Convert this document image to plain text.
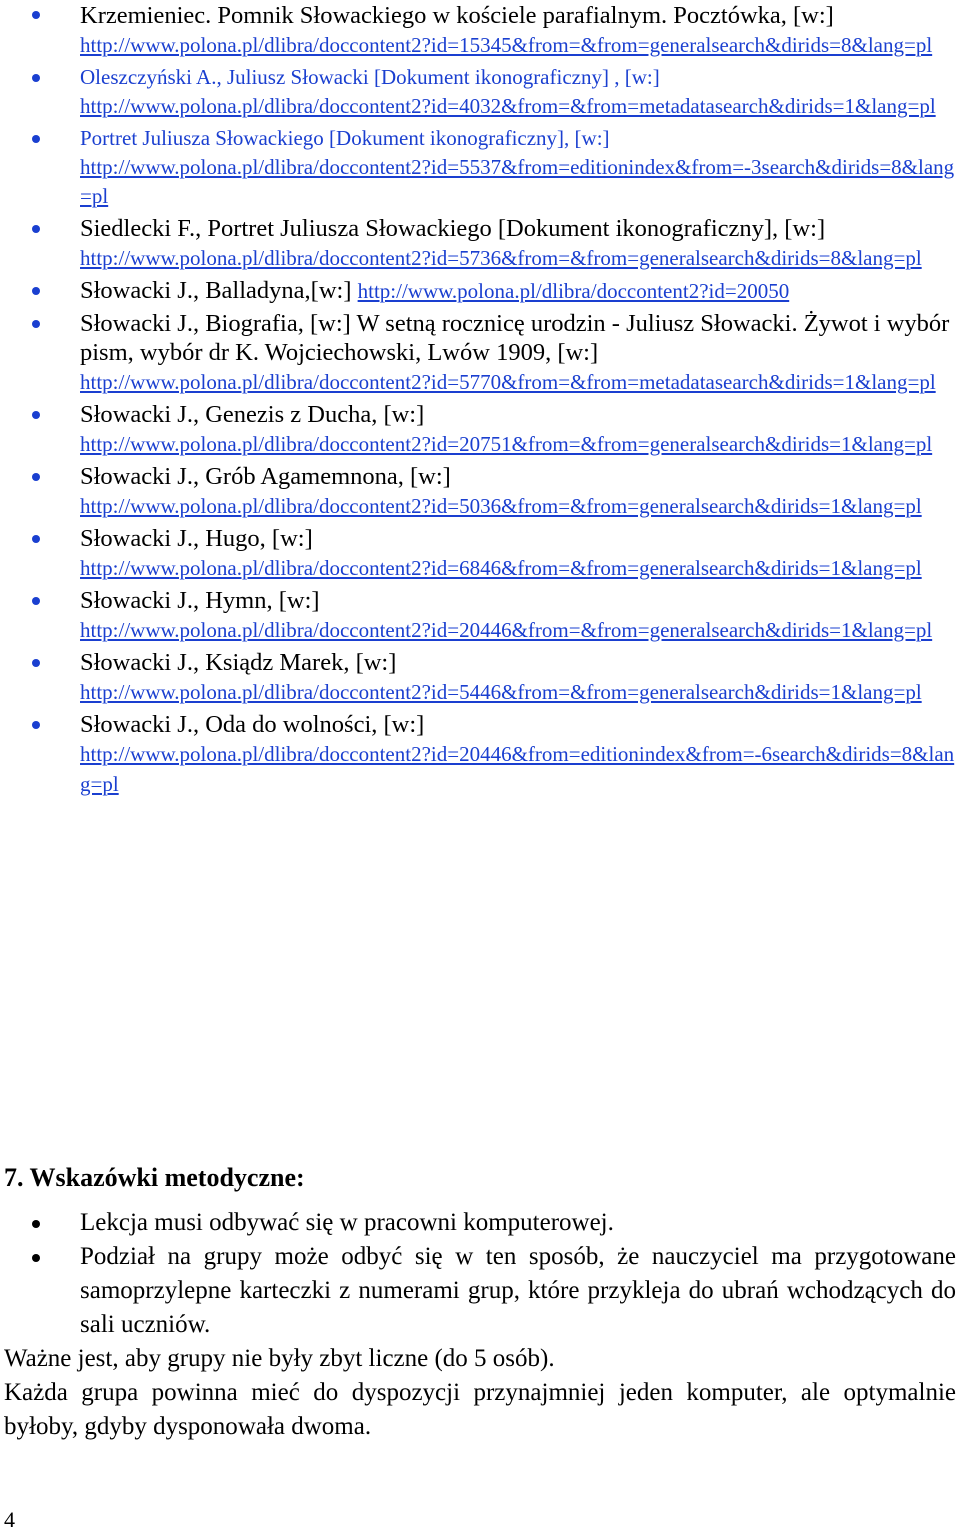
Krzemieniec. Pomnik Słowackiego w kościele parafialnym. Pocztówka, [w:]
http://www.polona.pl/dlibra/doccontent2?id=15345&from=&from=generalsearch&dirids=8&lang=pl
Oleszczyński A., Juliusz Słowacki [Dokument ikonograficzny] , [w:]
http://www.polona.pl/dlibra/doccontent2?id=4032&from=&from=metadatasearch&dirids=1&lang=pl
Portret Juliusza Słowackiego [Dokument ikonograficzny], [w:]
http://www.polona.pl/dlibra/doccontent2?id=5537&from=editionindex&from=-3search&dirids=8&lang=pl
Siedlecki F., Portret Juliusza Słowackiego [Dokument ikonograficzny], [w:]
http://www.polona.pl/dlibra/doccontent2?id=5736&from=&from=generalsearch&dirids=8&lang=pl
Słowacki J., Balladyna,[w:] http://www.polona.pl/dlibra/doccontent2?id=20050
Słowacki J., Biografia, [w:] W setną rocznicę urodzin - Juliusz Słowacki. Żywot i wybór pism, wybór dr K. Wojciechowski, Lwów 1909, [w:]
http://www.polona.pl/dlibra/doccontent2?id=5770&from=&from=metadatasearch&dirids=1&lang=pl
Słowacki J., Genezis z Ducha, [w:]
http://www.polona.pl/dlibra/doccontent2?id=20751&from=&from=generalsearch&dirids=1&lang=pl
Słowacki J., Grób Agamemnona, [w:]
http://www.polona.pl/dlibra/doccontent2?id=5036&from=&from=generalsearch&dirids=1&lang=pl
Słowacki J., Hugo, [w:]
http://www.polona.pl/dlibra/doccontent2?id=6846&from=&from=generalsearch&dirids=1&lang=pl
Słowacki J., Hymn, [w:]
http://www.polona.pl/dlibra/doccontent2?id=20446&from=&from=generalsearch&dirids=1&lang=pl
Słowacki J., Ksiądz Marek, [w:]
http://www.polona.pl/dlibra/doccontent2?id=5446&from=&from=generalsearch&dirids=1&lang=pl
Słowacki J., Oda do wolności, [w:]
http://www.polona.pl/dlibra/doccontent2?id=20446&from=editionindex&from=-6search&dirids=8&lang=pl
7. Wskazówki metodyczne:
Lekcja musi odbywać się w pracowni komputerowej.
Podział na grupy może odbyć się w ten sposób, że nauczyciel ma przygotowane samoprzylepne karteczki z numerami grup, które przykleja do ubrań wchodzących do sali uczniów.

Ważne jest, aby grupy nie były zbyt liczne (do 5 osób).

Każda grupa powinna mieć do dyspozycji przynajmniej jeden komputer, ale optymalnie byłoby, gdyby dysponowała dwoma.

4
